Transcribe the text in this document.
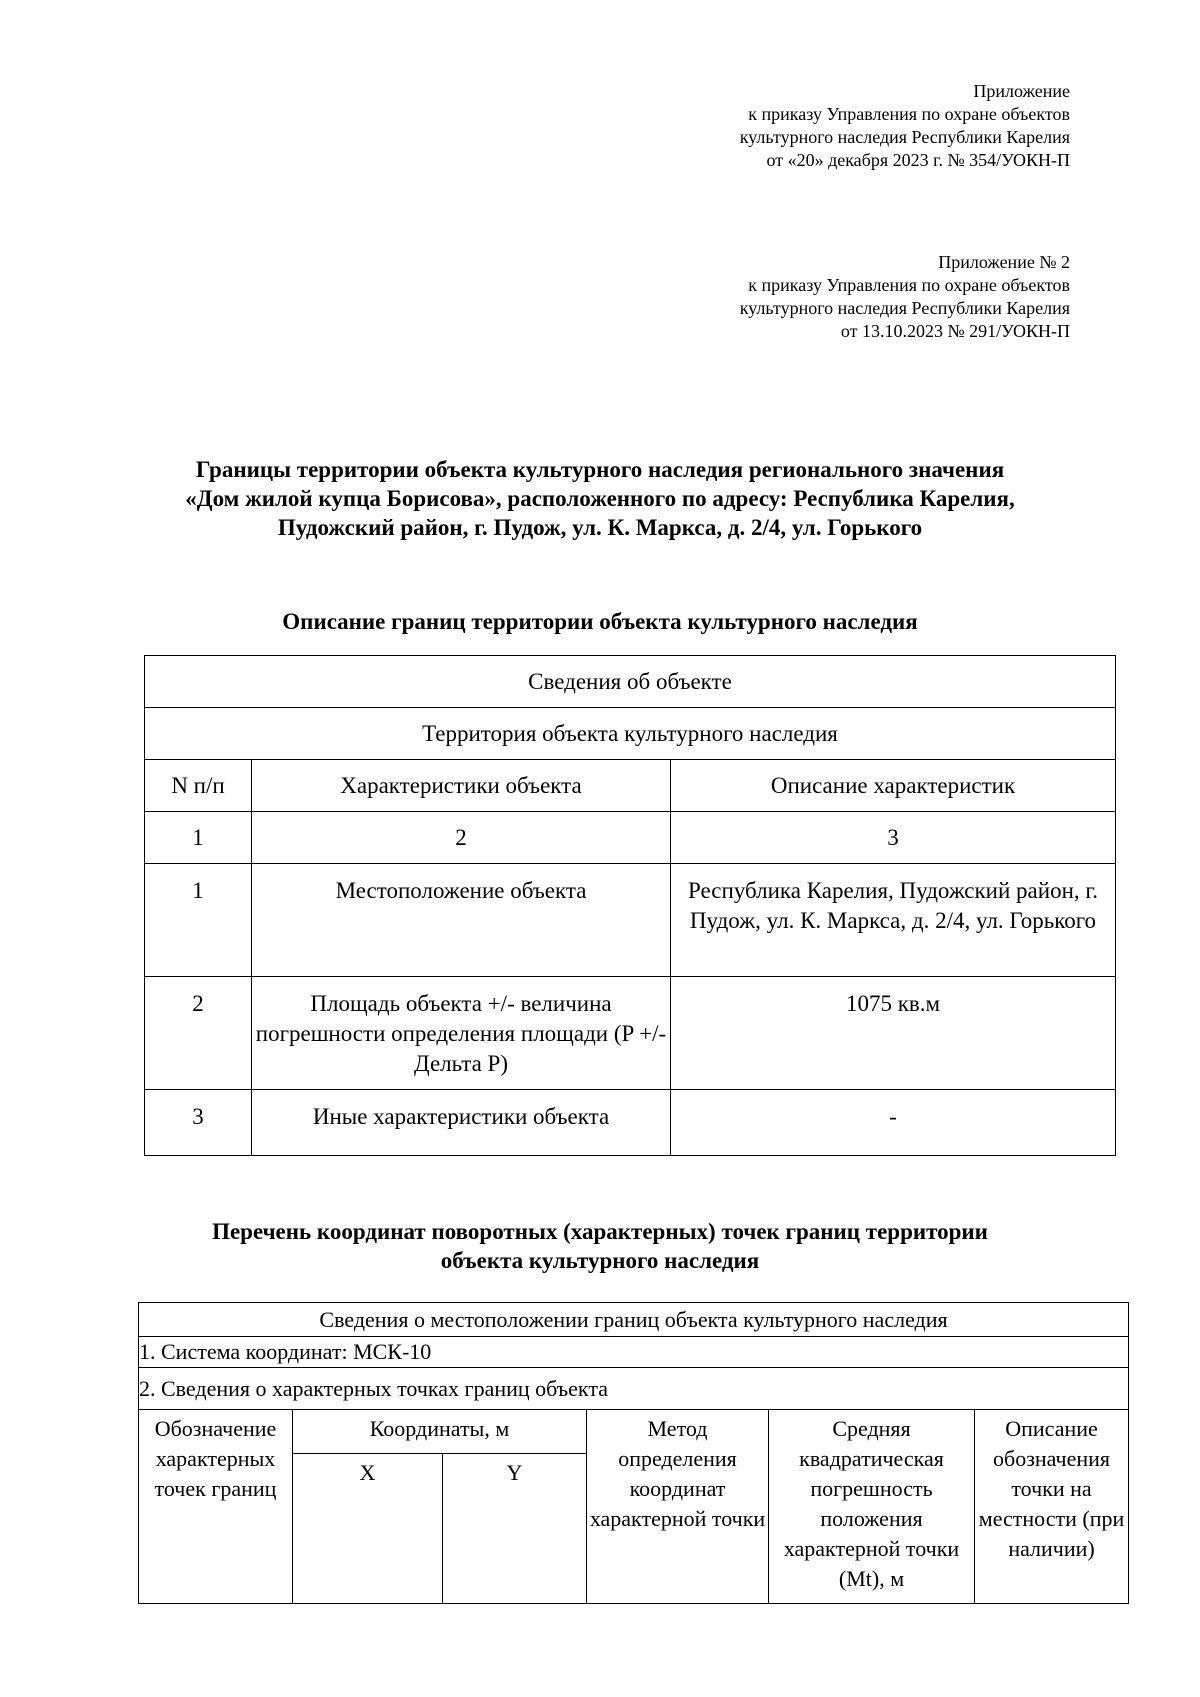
Приложение
к приказу Управления по охране объектов
культурного наследия Республики Карелия
от «20» декабря 2023 г. № 354/УОКН-П
Приложение № 2
к приказу Управления по охране объектов
культурного наследия Республики Карелия
от 13.10.2023 № 291/УОКН-П
Границы территории объекта культурного наследия регионального значения
«Дом жилой купца Борисова», расположенного по адресу: Республика Карелия,
Пудожский район, г. Пудож, ул. К. Маркса, д. 2/4, ул. Горького
Описание границ территории объекта культурного наследия
Сведения об объекте		
Территория объекта культурного наследия		
N п/п	Характеристики объекта	Описание характеристик
1	2	3
1	Местоположение объекта	Республика Карелия, Пудожский район, г. Пудож, ул. К. Маркса, д. 2/4, ул. Горького
2	Площадь объекта +/- величина погрешности определения площади (P +/- Дельта P)	1075 кв.м
3	Иные характеристики объекта	-
Перечень координат поворотных (характерных) точек границ территории
объекта культурного наследия
Сведения о местоположении границ объекта культурного наследия					
1. Система координат: МСК-10					
2. Сведения о характерных точках границ объекта					
Обозначение характерных точек границ	Координаты, м		Метод определения координат характерной точки	Средняя квадратическая погрешность положения характерной точки (Mt), м	Описание обозначения точки на местности (при наличии)
	X	Y			
